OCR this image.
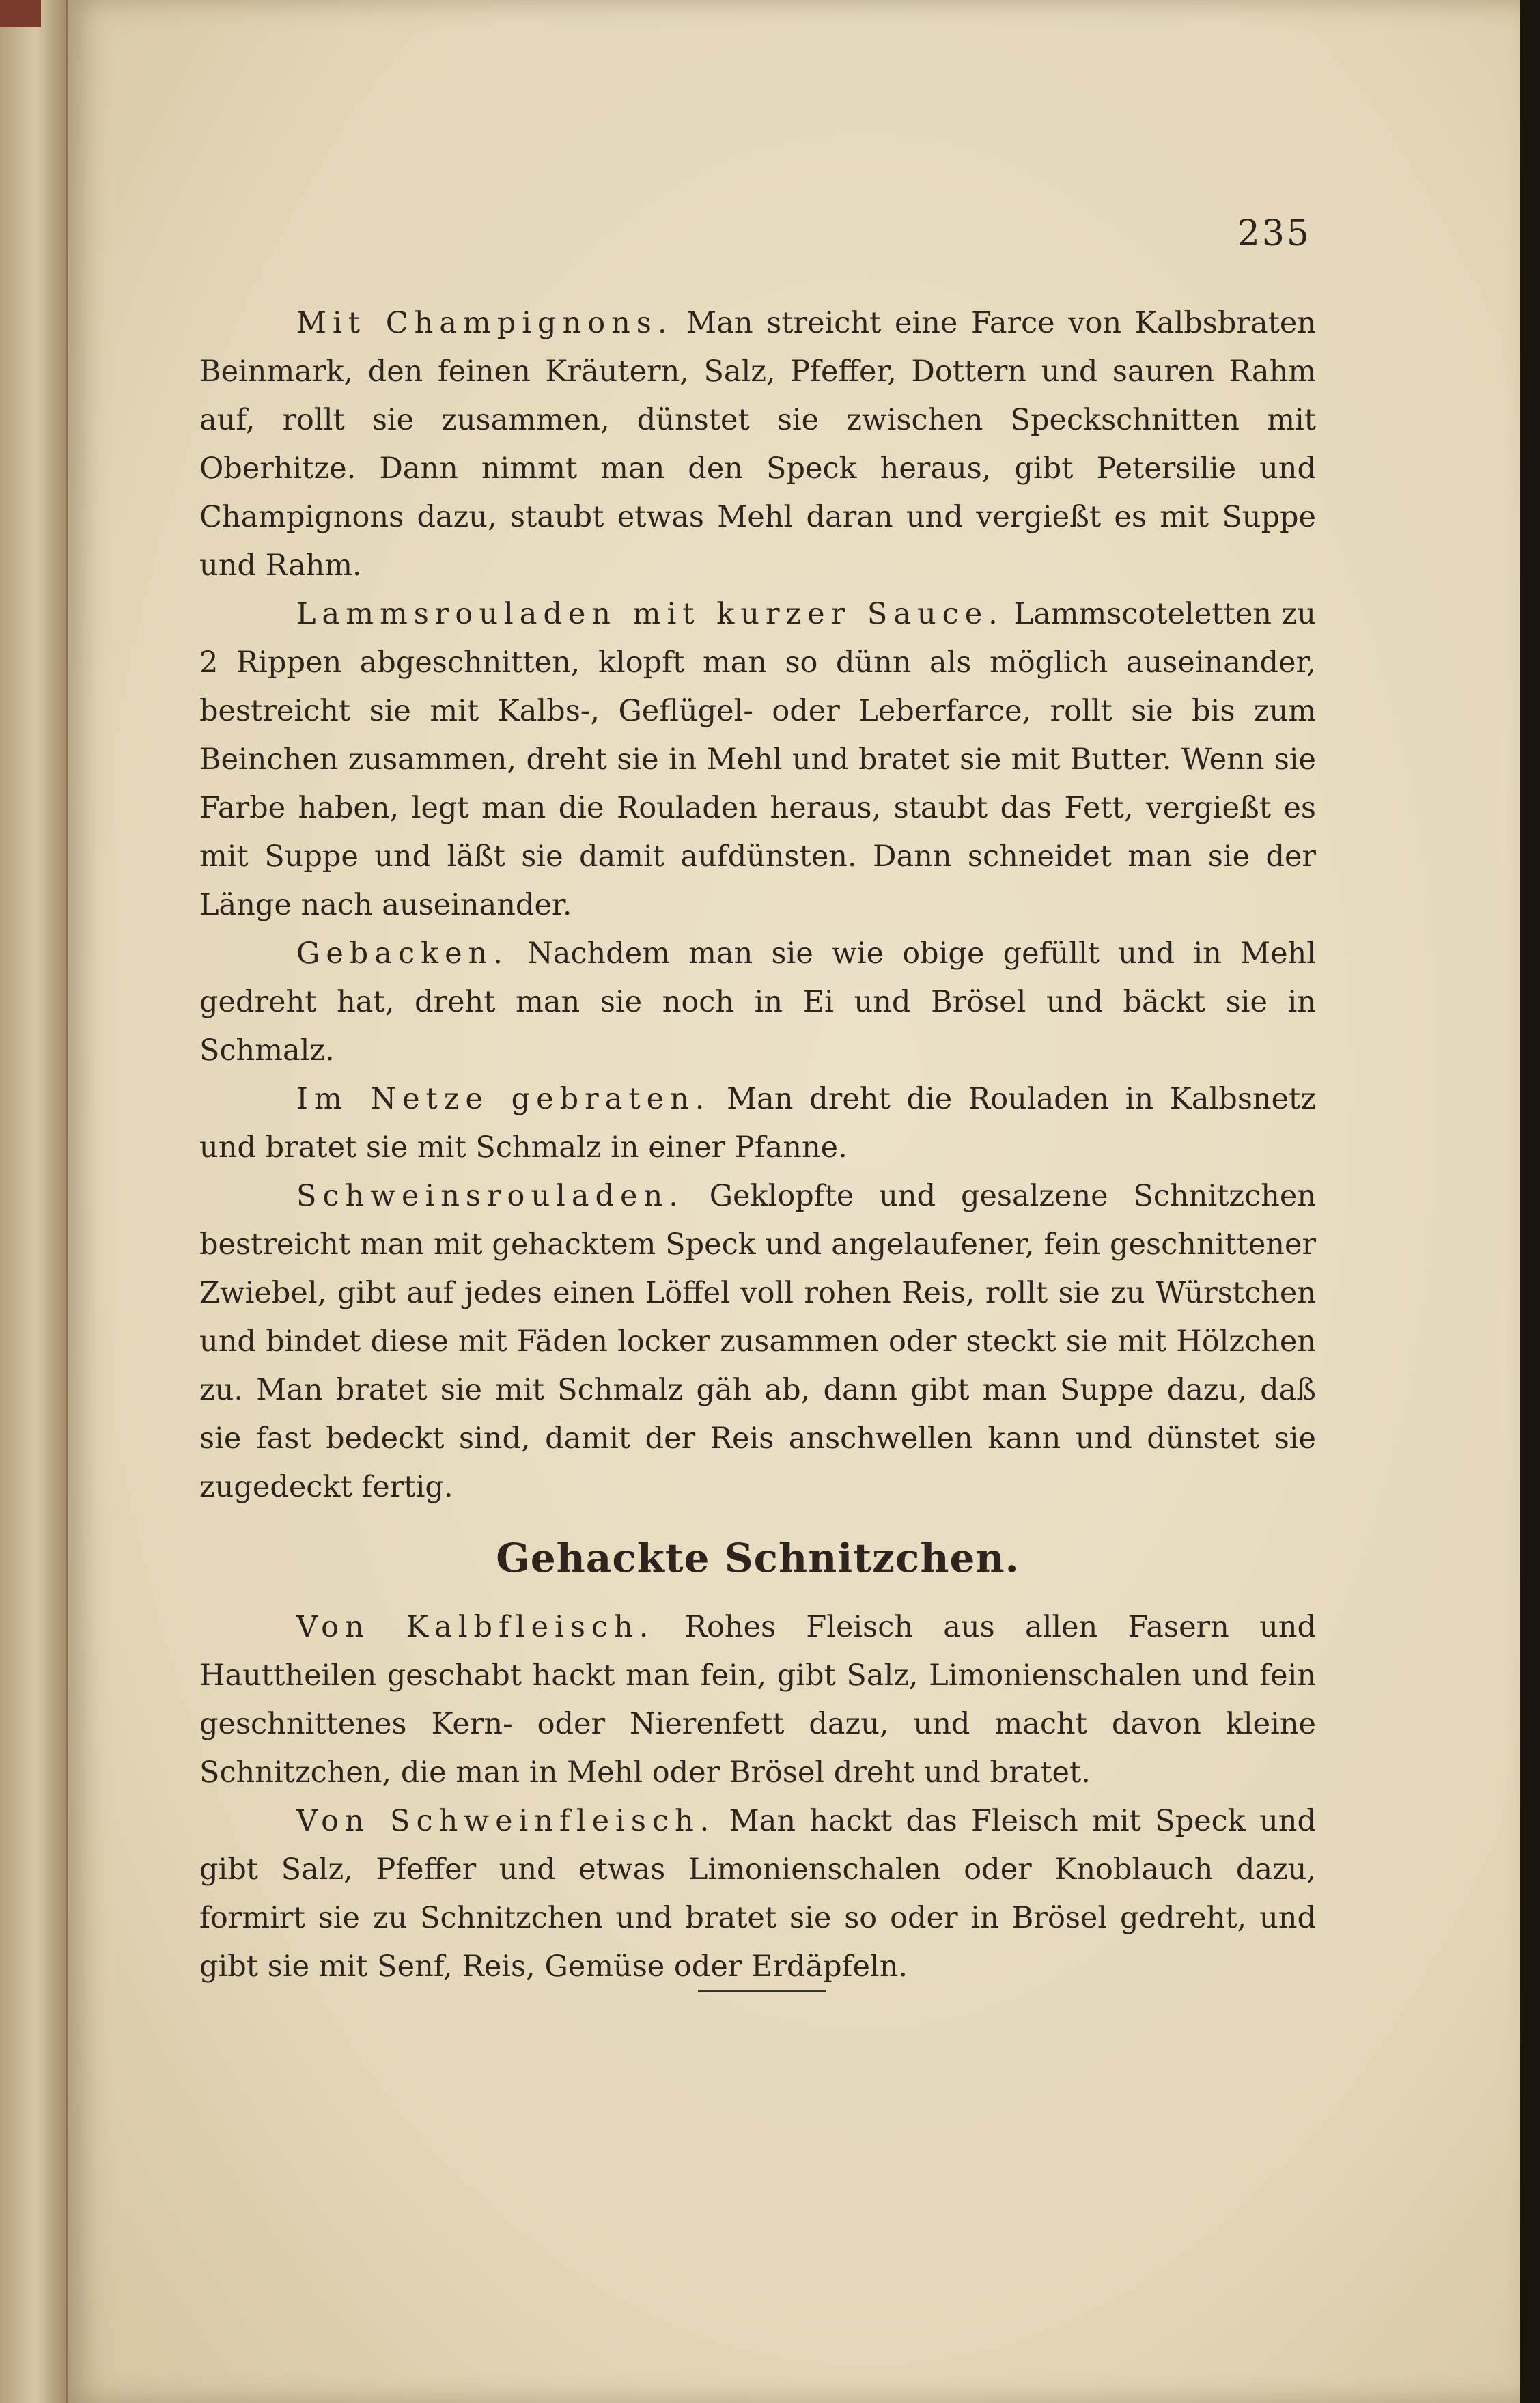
235

Mit Champignons. Man streicht eine Farce von Kalbsbraten Beinmark, den feinen Kräutern, Salz, Pfeffer, Dottern und sauren Rahm auf, rollt sie zusammen, dünstet sie zwischen Speckschnitten mit Oberhitze. Dann nimmt man den Speck heraus, gibt Petersilie und Champignons dazu, staubt etwas Mehl daran und vergießt es mit Suppe und Rahm.

Lammsrouladen mit kurzer Sauce. Lammscoteletten zu 2 Rippen abgeschnitten, klopft man so dünn als möglich auseinander, bestreicht sie mit Kalbs-, Geflügel- oder Leberfarce, rollt sie bis zum Beinchen zusammen, dreht sie in Mehl und bratet sie mit Butter. Wenn sie Farbe haben, legt man die Rouladen heraus, staubt das Fett, vergießt es mit Suppe und läßt sie damit aufdünsten. Dann schneidet man sie der Länge nach auseinander.

Gebacken. Nachdem man sie wie obige gefüllt und in Mehl gedreht hat, dreht man sie noch in Ei und Brösel und bäckt sie in Schmalz.

Im Netze gebraten. Man dreht die Rouladen in Kalbsnetz und bratet sie mit Schmalz in einer Pfanne.

Schweinsrouladen. Geklopfte und gesalzene Schnitzchen bestreicht man mit gehacktem Speck und angelaufener, fein geschnittener Zwiebel, gibt auf jedes einen Löffel voll rohen Reis, rollt sie zu Würstchen und bindet diese mit Fäden locker zusammen oder steckt sie mit Hölzchen zu. Man bratet sie mit Schmalz gäh ab, dann gibt man Suppe dazu, daß sie fast bedeckt sind, damit der Reis anschwellen kann und dünstet sie zugedeckt fertig.

Gehackte Schnitzchen.

Von Kalbfleisch. Rohes Fleisch aus allen Fasern und Hauttheilen geschabt hackt man fein, gibt Salz, Limonienschalen und fein geschnittenes Kern- oder Nierenfett dazu, und macht davon kleine Schnitzchen, die man in Mehl oder Brösel dreht und bratet.

Von Schweinfleisch. Man hackt das Fleisch mit Speck und gibt Salz, Pfeffer und etwas Limonienschalen oder Knoblauch dazu, formirt sie zu Schnitzchen und bratet sie so oder in Brösel gedreht, und gibt sie mit Senf, Reis, Gemüse oder Erdäpfeln.
